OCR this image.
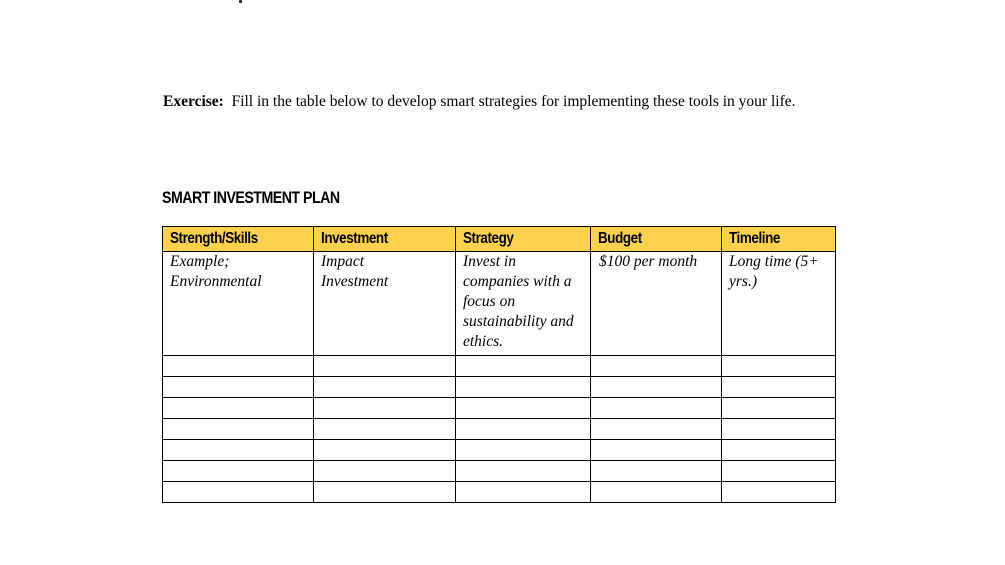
Exercise: Fill in the table below to develop smart strategies for implementing these tools in your life.

SMART INVESTMENT PLAN
Strength/Skills	Investment	Strategy	Budget	Timeline
Example; Environmental	Impact Investment	Invest in companies with a focus on sustainability and ethics.	$100 per month	Long time (5+ yrs.)
